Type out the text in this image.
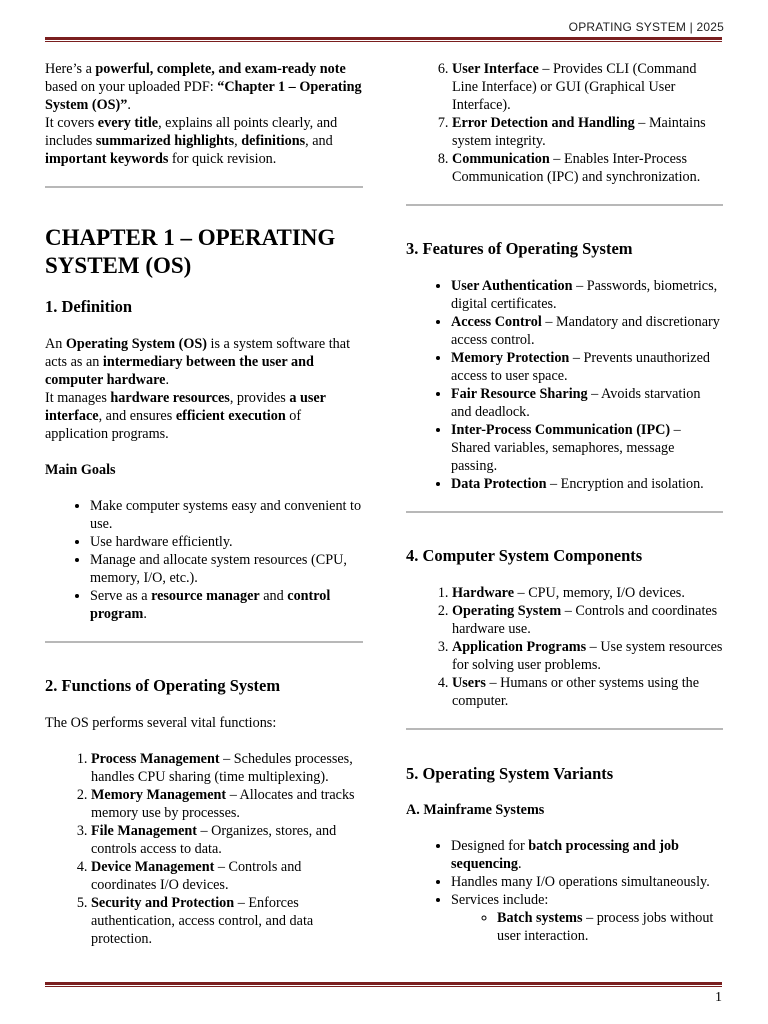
OPRATING SYSTEM | 2025

Here’s a powerful, complete, and exam-ready note based on your uploaded PDF: “Chapter 1 – Operating System (OS)”.
It covers every title, explains all points clearly, and includes summarized highlights, definitions, and important keywords for quick revision.

CHAPTER 1 – OPERATING SYSTEM (OS)
1. Definition

An Operating System (OS) is a system software that acts as an intermediary between the user and computer hardware.
It manages hardware resources, provides a user interface, and ensures efficient execution of application programs.

Main Goals
• Make computer systems easy and convenient to use.
• Use hardware efficiently.
• Manage and allocate system resources (CPU, memory, I/O, etc.).
• Serve as a resource manager and control program.
2. Functions of Operating System

The OS performs several vital functions:

1. Process Management – Schedules processes, handles CPU sharing (time multiplexing).
2. Memory Management – Allocates and tracks memory use by processes.
3. File Management – Organizes, stores, and controls access to data.
4. Device Management – Controls and coordinates I/O devices.
5. Security and Protection – Enforces authentication, access control, and data protection.
6. User Interface – Provides CLI (Command Line Interface) or GUI (Graphical User Interface).
7. Error Detection and Handling – Maintains system integrity.
8. Communication – Enables Inter-Process Communication (IPC) and synchronization.
3. Features of Operating System
• User Authentication – Passwords, biometrics, digital certificates.
• Access Control – Mandatory and discretionary access control.
• Memory Protection – Prevents unauthorized access to user space.
• Fair Resource Sharing – Avoids starvation and deadlock.
• Inter-Process Communication (IPC) – Shared variables, semaphores, message passing.
• Data Protection – Encryption and isolation.
4. Computer System Components
1. Hardware – CPU, memory, I/O devices.
2. Operating System – Controls and coordinates hardware use.
3. Application Programs – Use system resources for solving user problems.
4. Users – Humans or other systems using the computer.
5. Operating System Variants
A. Mainframe Systems
• Designed for batch processing and job sequencing.
• Handles many I/O operations simultaneously.
• Services include:
◦ Batch systems – process jobs without user interaction.
1
